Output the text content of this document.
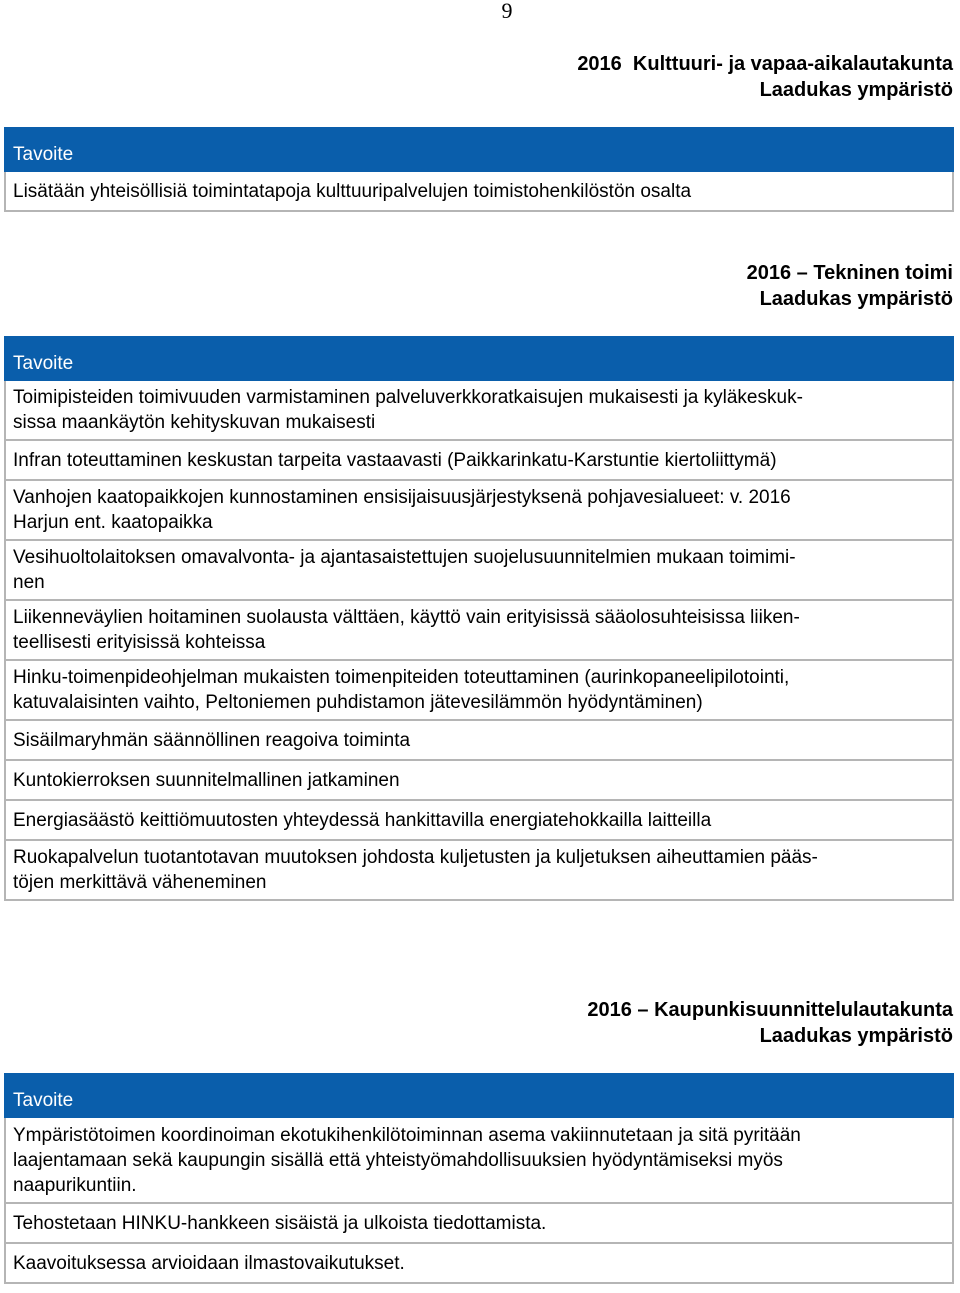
9
2016  Kulttuuri- ja vapaa-aikalautakunta
Laadukas ympäristö
Tavoite
Lisätään yhteisöllisiä toimintatapoja kulttuuripalvelujen toimistohenkilöstön osalta
2016 – Tekninen toimi
Laadukas ympäristö
Tavoite
Toimipisteiden toimivuuden varmistaminen palveluverkkoratkaisujen mukaisesti ja kyläkeskuk-
sissa maankäytön kehityskuvan mukaisesti
Infran toteuttaminen keskustan tarpeita vastaavasti (Paikkarinkatu-Karstuntie kiertoliittymä)
Vanhojen kaatopaikkojen kunnostaminen ensisijaisuusjärjestyksenä pohjavesialueet: v. 2016
Harjun ent. kaatopaikka
Vesihuoltolaitoksen omavalvonta- ja ajantasaistettujen suojelusuunnitelmien mukaan toimimi-
nen
Liikenneväylien hoitaminen suolausta välttäen, käyttö vain erityisissä sääolosuhteisissa liiken-
teellisesti erityisissä kohteissa
Hinku-toimenpideohjelman mukaisten toimenpiteiden toteuttaminen (aurinkopaneelipilotointi,
katuvalaisinten vaihto, Peltoniemen puhdistamon jätevesilämmön hyödyntäminen)
Sisäilmaryhmän säännöllinen reagoiva toiminta
Kuntokierroksen suunnitelmallinen jatkaminen
Energiasäästö keittiömuutosten yhteydessä hankittavilla energiatehokkailla laitteilla
Ruokapalvelun tuotantotavan muutoksen johdosta kuljetusten ja kuljetuksen aiheuttamien pääs-
töjen merkittävä väheneminen
2016 – Kaupunkisuunnittelulautakunta
Laadukas ympäristö
Tavoite
Ympäristötoimen koordinoiman ekotukihenkilötoiminnan asema vakiinnutetaan ja sitä pyritään
laajentamaan sekä kaupungin sisällä että yhteistyömahdollisuuksien hyödyntämiseksi myös
naapurikuntiin.
Tehostetaan HINKU-hankkeen sisäistä ja ulkoista tiedottamista.
Kaavoituksessa arvioidaan ilmastovaikutukset.
